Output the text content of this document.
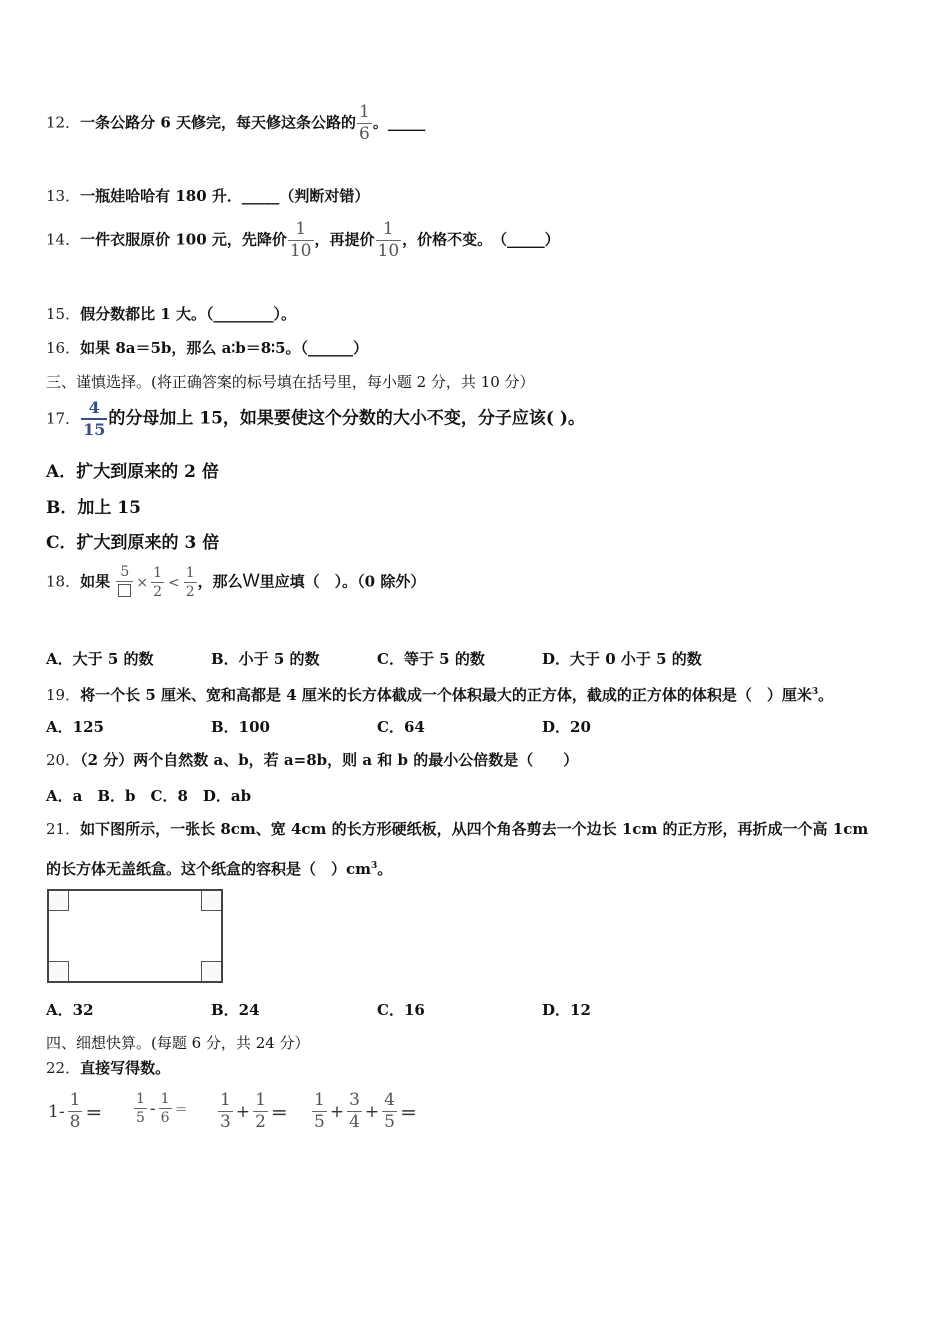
12．一条公路分 6 天修完，每天修这条公路的 $\frac{1}{6}$ 。_____
13．一瓶娃哈哈有 180 升．_____（判断对错）
14．一件衣服原价 100 元，先降价 $\frac{1}{10}$ ，再提价 $\frac{1}{10}$ ，价格不变。　（_____）
15．假分数都比 1 大。（________）。
16．如果 8a＝5b，那么 a∶b＝8∶5。（______）
三、谨慎选择。(将正确答案的标号填在括号里，每小题 2 分，共 10 分）
17． $\frac{4}{15}$ 的分母加上 15，如果要使这个分数的大小不变，分子应该( )。
A．扩大到原来的 2 倍
B．加上 15
C．扩大到原来的 3 倍
18．如果
5
× $\frac{1}{2} < \frac{1}{2}$ ，那么W里应填（　）。（0 除外）
A．大于 5 的数	B．小于 5 的数	C．等于 5 的数	D．大于 0 小于 5 的数
19．将一个长 5 厘米、宽和高都是 4 厘米的长方体截成一个体积最大的正方体，截成的正方体的体积是（　）厘米$^3$。
A．125	B．100	C．64	D．20
20．（2 分）两个自然数 a、b，若 a=8b，则 a 和 b 的最小公倍数是（　　）
A．a　B．b　C．8　D．ab
21．如下图所示，一张长 8cm、宽 4cm 的长方形硬纸板，从四个角各剪去一个边长 1cm 的正方形，再折成一个高 1cm
的长方体无盖纸盒。这个纸盒的容积是（　）$cm^3$。
A．32	B．24	C．16	D．12
四、细想快算。(每题 6 分，共 24 分）
22．直接写得数。
$1- \frac{1}{8} = \frac{1}{5} - \frac{1}{6} = \frac{1}{3} + \frac{1}{2} = \frac{1}{5} + \frac{3}{4} + \frac{4}{5}$ ＝
